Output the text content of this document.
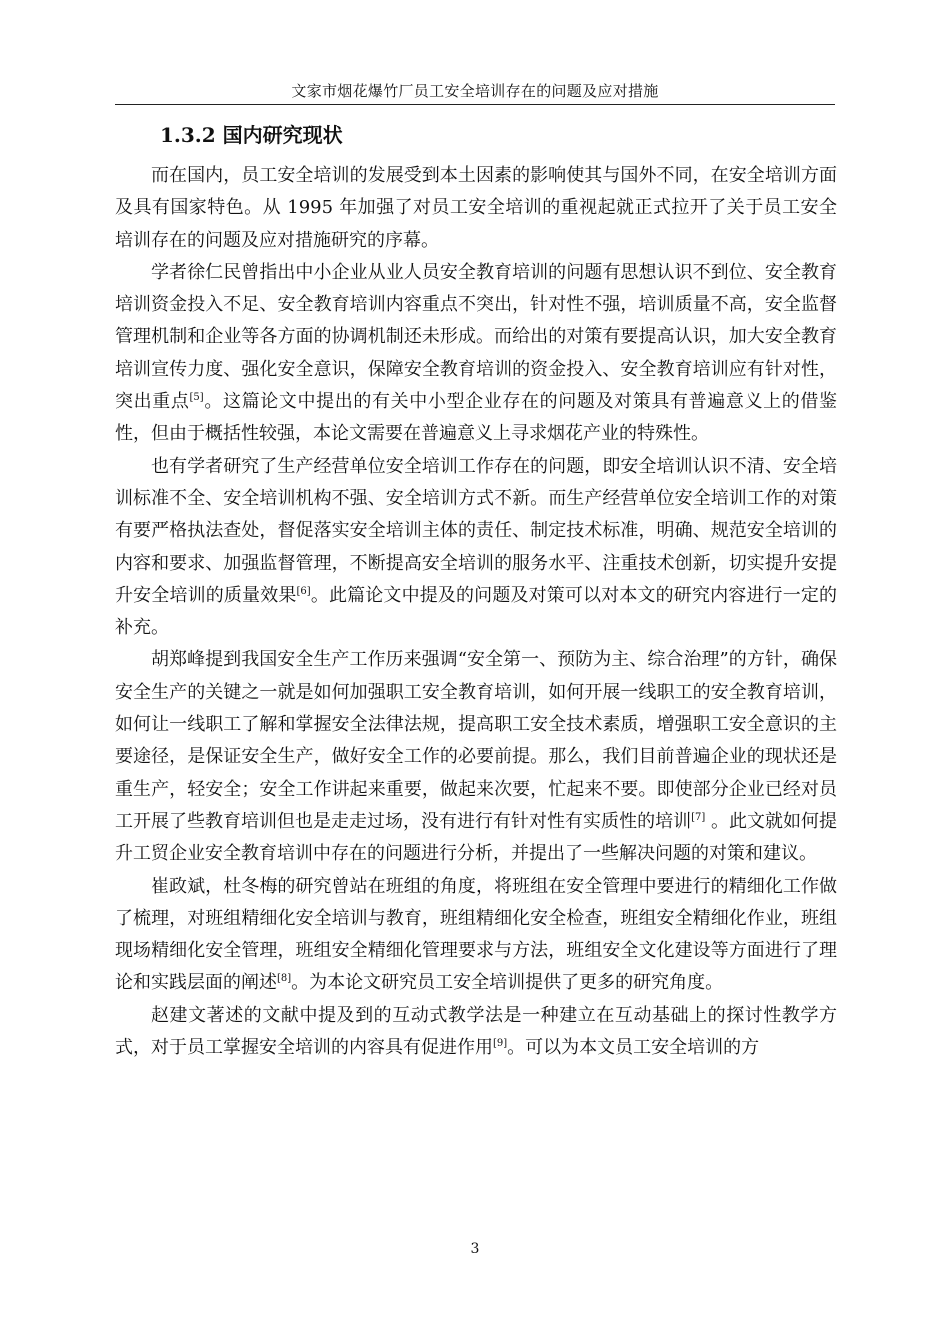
文家市烟花爆竹厂员工安全培训存在的问题及应对措施
1.3.2 国内研究现状

而在国内，员工安全培训的发展受到本土因素的影响使其与国外不同，在安全培训方面及具有国家特色。从 1995 年加强了对员工安全培训的重视起就正式拉开了关于员工安全培训存在的问题及应对措施研究的序幕。

学者徐仁民曾指出中小企业从业人员安全教育培训的问题有思想认识不到位、安全教育培训资金投入不足、安全教育培训内容重点不突出，针对性不强，培训质量不高，安全监督管理机制和企业等各方面的协调机制还未形成。而给出的对策有要提高认识，加大安全教育培训宣传力度、强化安全意识，保障安全教育培训的资金投入、安全教育培训应有针对性，突出重点[5]。这篇论文中提出的有关中小型企业存在的问题及对策具有普遍意义上的借鉴性，但由于概括性较强，本论文需要在普遍意义上寻求烟花产业的特殊性。

也有学者研究了生产经营单位安全培训工作存在的问题，即安全培训认识不清、安全培训标准不全、安全培训机构不强、安全培训方式不新。而生产经营单位安全培训工作的对策有要严格执法查处，督促落实安全培训主体的责任、制定技术标准，明确、规范安全培训的内容和要求、加强监督管理，不断提高安全培训的服务水平、注重技术创新，切实提升安提升安全培训的质量效果[6]。此篇论文中提及的问题及对策可以对本文的研究内容进行一定的补充。

胡郑峰提到我国安全生产工作历来强调“安全第一、预防为主、综合治理”的方针，确保安全生产的关键之一就是如何加强职工安全教育培训，如何开展一线职工的安全教育培训，如何让一线职工了解和掌握安全法律法规，提高职工安全技术素质，增强职工安全意识的主要途径，是保证安全生产，做好安全工作的必要前提。那么，我们目前普遍企业的现状还是重生产，轻安全；安全工作讲起来重要，做起来次要，忙起来不要。即使部分企业已经对员工开展了些教育培训但也是走走过场，没有进行有针对性有实质性的培训[7] 。此文就如何提升工贸企业安全教育培训中存在的问题进行分析，并提出了一些解决问题的对策和建议。

崔政斌，杜冬梅的研究曾站在班组的角度，将班组在安全管理中要进行的精细化工作做了梳理，对班组精细化安全培训与教育，班组精细化安全检查，班组安全精细化作业，班组现场精细化安全管理，班组安全精细化管理要求与方法，班组安全文化建设等方面进行了理论和实践层面的阐述[8]。为本论文研究员工安全培训提供了更多的研究角度。

赵建文著述的文献中提及到的互动式教学法是一种建立在互动基础上的探讨性教学方式，对于员工掌握安全培训的内容具有促进作用[9]。可以为本文员工安全培训的方

3
